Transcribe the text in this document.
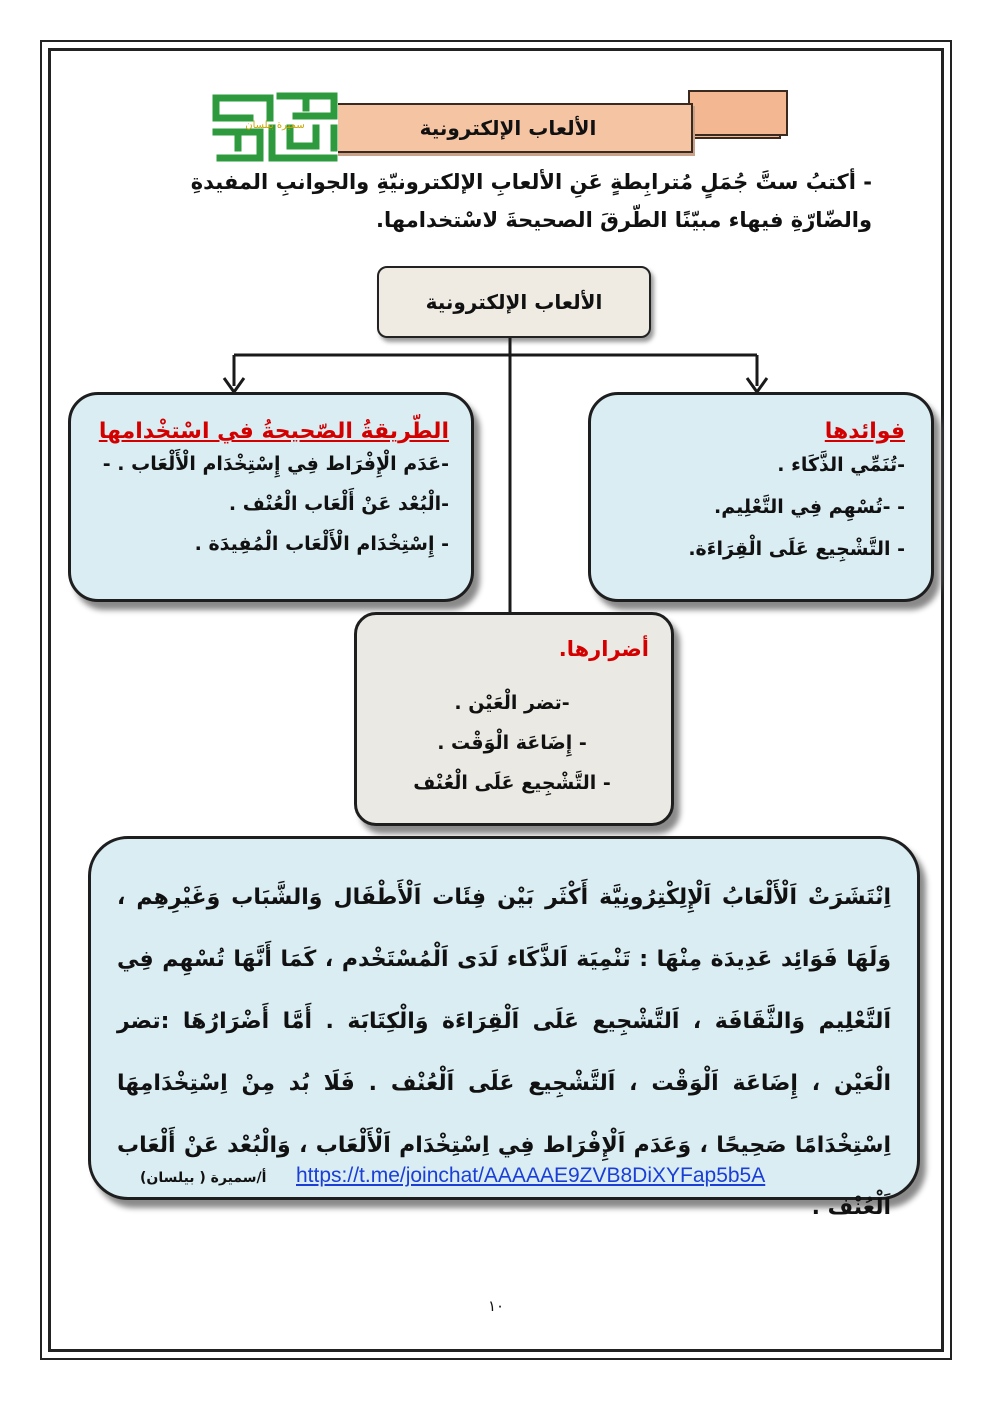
الألعاب الإلكترونية
سميرة بيلسان
- أكتبُ ستَّ جُمَلٍ مُترابِطةٍ عَنِ الألعابِ الإلكترونيّةِ والجوانبِ المفيدةِ
والضّارّةِ فيهاء مبيّنًا الطّرقَ الصحيحةَ لاسْتخدامها.
الألعاب الإلكترونية
فوائدها

-تُنَمِّي الذَّكَاء .

- -تُسْهِم فِي التَّعْلِيم.

- التَّشْجِيع عَلَى الْقِرَاءَة.

الطّريقةُ الصّحيحةُ في اسْتخْدامها

-عَدَم الْإِفْرَاط فِي إِسْتِخْدَام الْأَلْعَاب . -

-الْبُعْد عَنْ أَلْعَاب الْعُنْف .

- إِسْتِخْدَام الْأَلْعَاب الْمُفِيدَة .

أضرارها.

-تضر الْعَيْن .

- إِضَاعَة الْوَقْت .

- التَّشْجِيع عَلَى الْعُنْف

اِنْتَشَرَتْ اَلْأَلْعَابُ اَلْإِلِكْتِرُونِيَّة أَكْثَر بَيْن فِئَات اَلْأَطْفَال وَالشَّبَاب وَغَيْرِهِم ، وَلَهَا فَوَائِد عَدِيدَة مِنْهَا : تَنْمِيَة اَلذَّكَاء لَدَى اَلْمُسْتَخْدم ، كَمَا أَنَّهَا تُسْهِم فِي اَلتَّعْلِيم وَالثَّقَافَة ، اَلتَّشْجِيع عَلَى اَلْقِرَاءَة وَالْكِتَابَة . أَمَّا أَضْرَارُهَا :تضر الْعَيْن ، إِضَاعَة اَلْوَقْت ، اَلتَّشْجِيع عَلَى اَلْعُنْف . فَلَا بُد مِنْ اِسْتِخْدَامِهَا اِسْتِخْدَامًا صَحِيحًا ، وَعَدَم اَلْإِفْرَاط فِي اِسْتِخْدَام اَلْأَلْعَاب ، وَالْبُعْد عَنْ أَلْعَاب اَلْعُنْف .
https://t.me/joinchat/AAAAAE9ZVB8DiXYFap5b5A
أ/سميرة ( بيلسان)
١٠
